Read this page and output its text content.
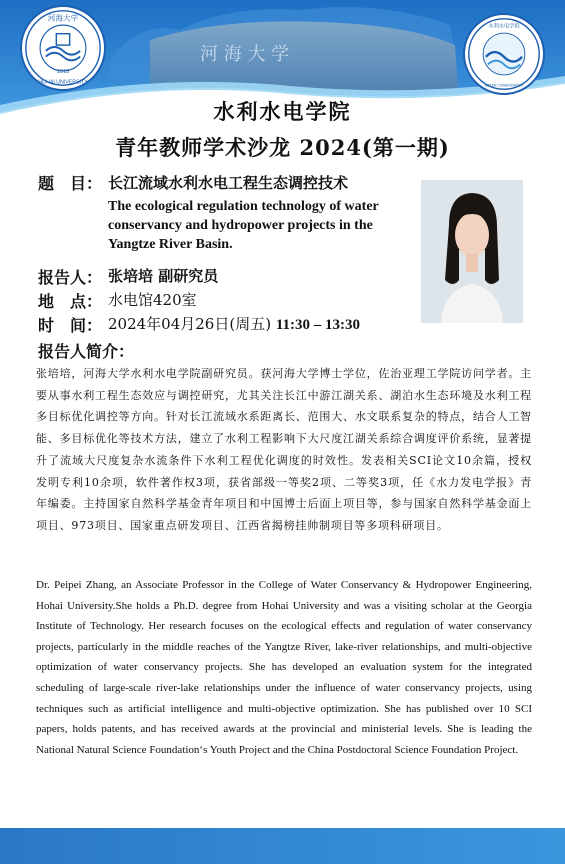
河 海 大 学
1915
河海大学
HOHAI UNIVERSITY
水利水电学院
WATER CONSERVANCY
水利水电学院
青年教师学术沙龙 2024(第一期)
题　目： 长江流域水利水电工程生态调控技术
The ecological regulation technology of water conservancy and hydropower projects in the Yangtze River Basin.
报告人： 张培培 副研究员
地　点： 水电馆420室
时　间： 2024年04月26日(周五) 11:30 – 13:30
报告人简介：
张培培，河海大学水利水电学院副研究员。获河海大学博士学位，佐治亚理工学院访问学者。主要从事水利工程生态效应与调控研究，尤其关注长江中游江湖关系、湖泊水生态环境及水利工程多目标优化调控等方向。针对长江流域水系距离长、范围大、水文联系复杂的特点，结合人工智能、多目标优化等技术方法，建立了水利工程影响下大尺度江湖关系综合调度评价系统，显著提升了流域大尺度复杂水流条件下水利工程优化调度的时效性。发表相关SCI论文10余篇，授权发明专利10余项，软件著作权3项，获省部级一等奖2项、二等奖3项，任《水力发电学报》青年编委。主持国家自然科学基金青年项目和中国博士后面上项目等，参与国家自然科学基金面上项目、973项目、国家重点研发项目、江西省揭榜挂帅制项目等多项科研项目。
Dr. Peipei Zhang, an Associate Professor in the College of Water Conservancy & Hydropower Engineering, Hohai University.She holds a Ph.D. degree from Hohai University and was a visiting scholar at the Georgia Institute of Technology. Her research focuses on the ecological effects and regulation of water conservancy projects, particularly in the middle reaches of the Yangtze River, lake-river relationships, and multi-objective optimization of water conservancy projects. She has developed an evaluation system for the integrated scheduling of large-scale river-lake relationships under the influence of water conservancy projects, using techniques such as artificial intelligence and multi-objective optimization. She has published over 10 SCI papers, holds patents, and has received awards at the provincial and ministerial levels. She is leading the National Natural Science Foundation‘s Youth Project and the China Postdoctoral Science Foundation Project.
